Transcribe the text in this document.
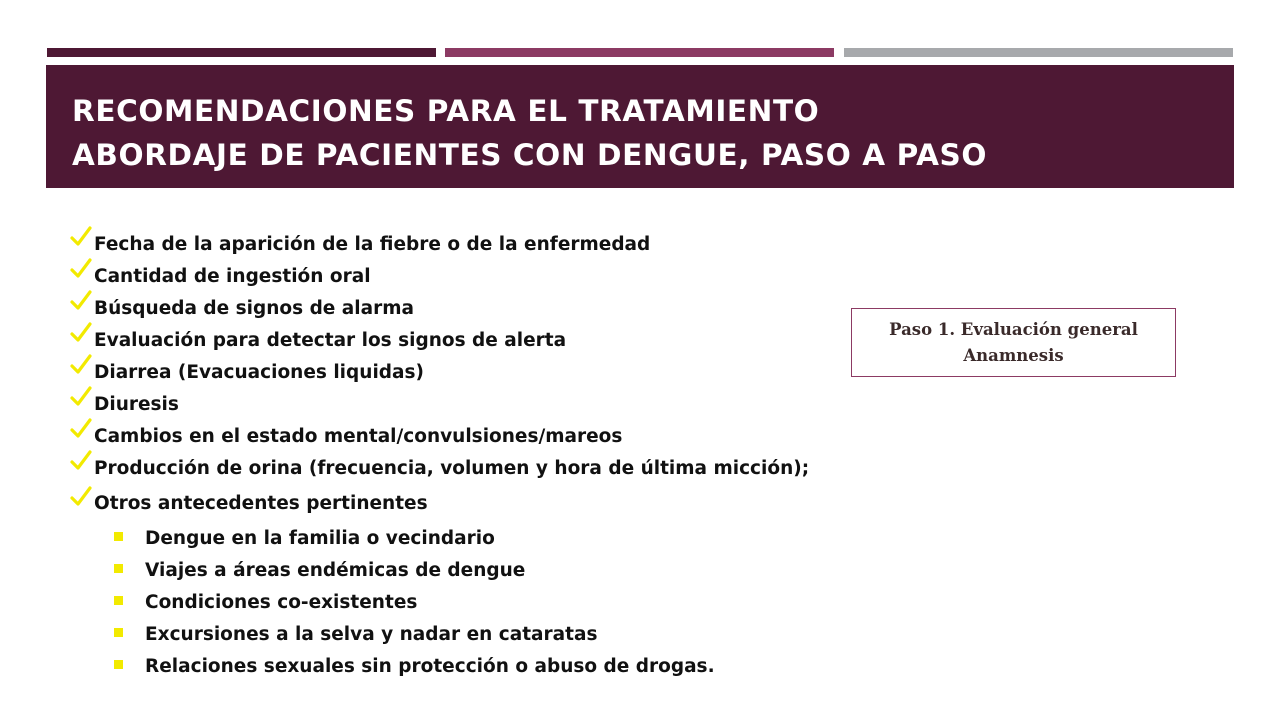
RECOMENDACIONES PARA EL TRATAMIENTO
ABORDAJE DE PACIENTES CON DENGUE, PASO A PASO
Fecha de la aparición de la fiebre o de la enfermedad
Cantidad de ingestión oral
Búsqueda de signos de alarma
Evaluación para detectar los signos de alerta
Diarrea (Evacuaciones liquidas)
Diuresis
Cambios en el estado mental/convulsiones/mareos
Producción de orina (frecuencia, volumen y hora de última micción);
Otros antecedentes pertinentes
Dengue en la familia o vecindario
Viajes a áreas endémicas de dengue
Condiciones co-existentes
Excursiones a la selva y nadar en cataratas
Relaciones sexuales sin protección o abuso de drogas.
Paso 1. Evaluación general
Anamnesis
